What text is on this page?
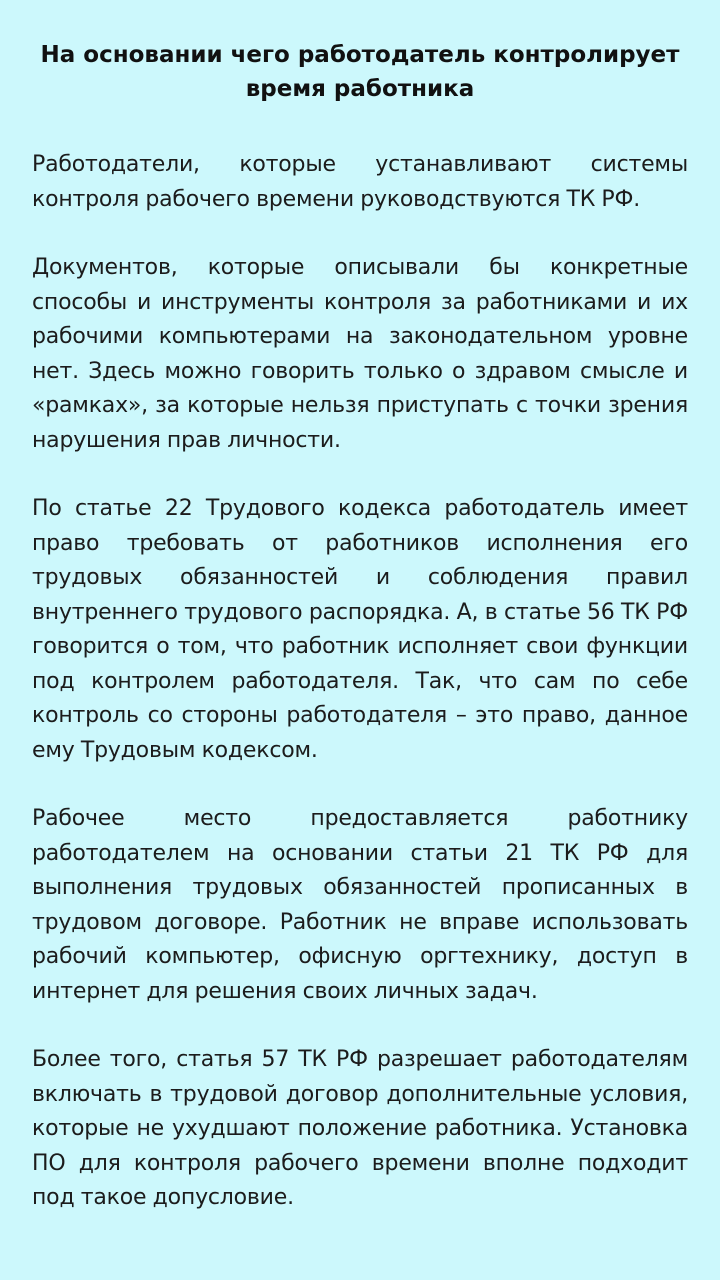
На основании чего работодатель контролирует время работника

Работодатели, которые устанавливают системы контроля рабочего времени руководствуются ТК РФ.

Документов, которые описывали бы конкретные способы и инструменты контроля за работниками и их рабочими компьютерами на законодательном уровне нет. Здесь можно говорить только о здравом смысле и «рамках», за которые нельзя приступать с точки зрения нарушения прав личности.

По статье 22 Трудового кодекса работодатель имеет право требовать от работников исполнения его трудовых обязанностей и соблюдения правил внутреннего трудового распорядка. А, в статье 56 ТК РФ говорится о том, что работник исполняет свои функции под контролем работодателя. Так, что сам по себе контроль со стороны работодателя – это право, данное ему Трудовым кодексом.

Рабочее место предоставляется работнику работодателем на основании статьи 21 ТК РФ для выполнения трудовых обязанностей прописанных в трудовом договоре. Работник не вправе использовать рабочий компьютер, офисную оргтехнику, доступ в интернет для решения своих личных задач.

Более того, статья 57 ТК РФ разрешает работодателям включать в трудовой договор дополнительные условия, которые не ухудшают положение работника. Установка ПО для контроля рабочего времени вполне подходит под такое допусловие.
